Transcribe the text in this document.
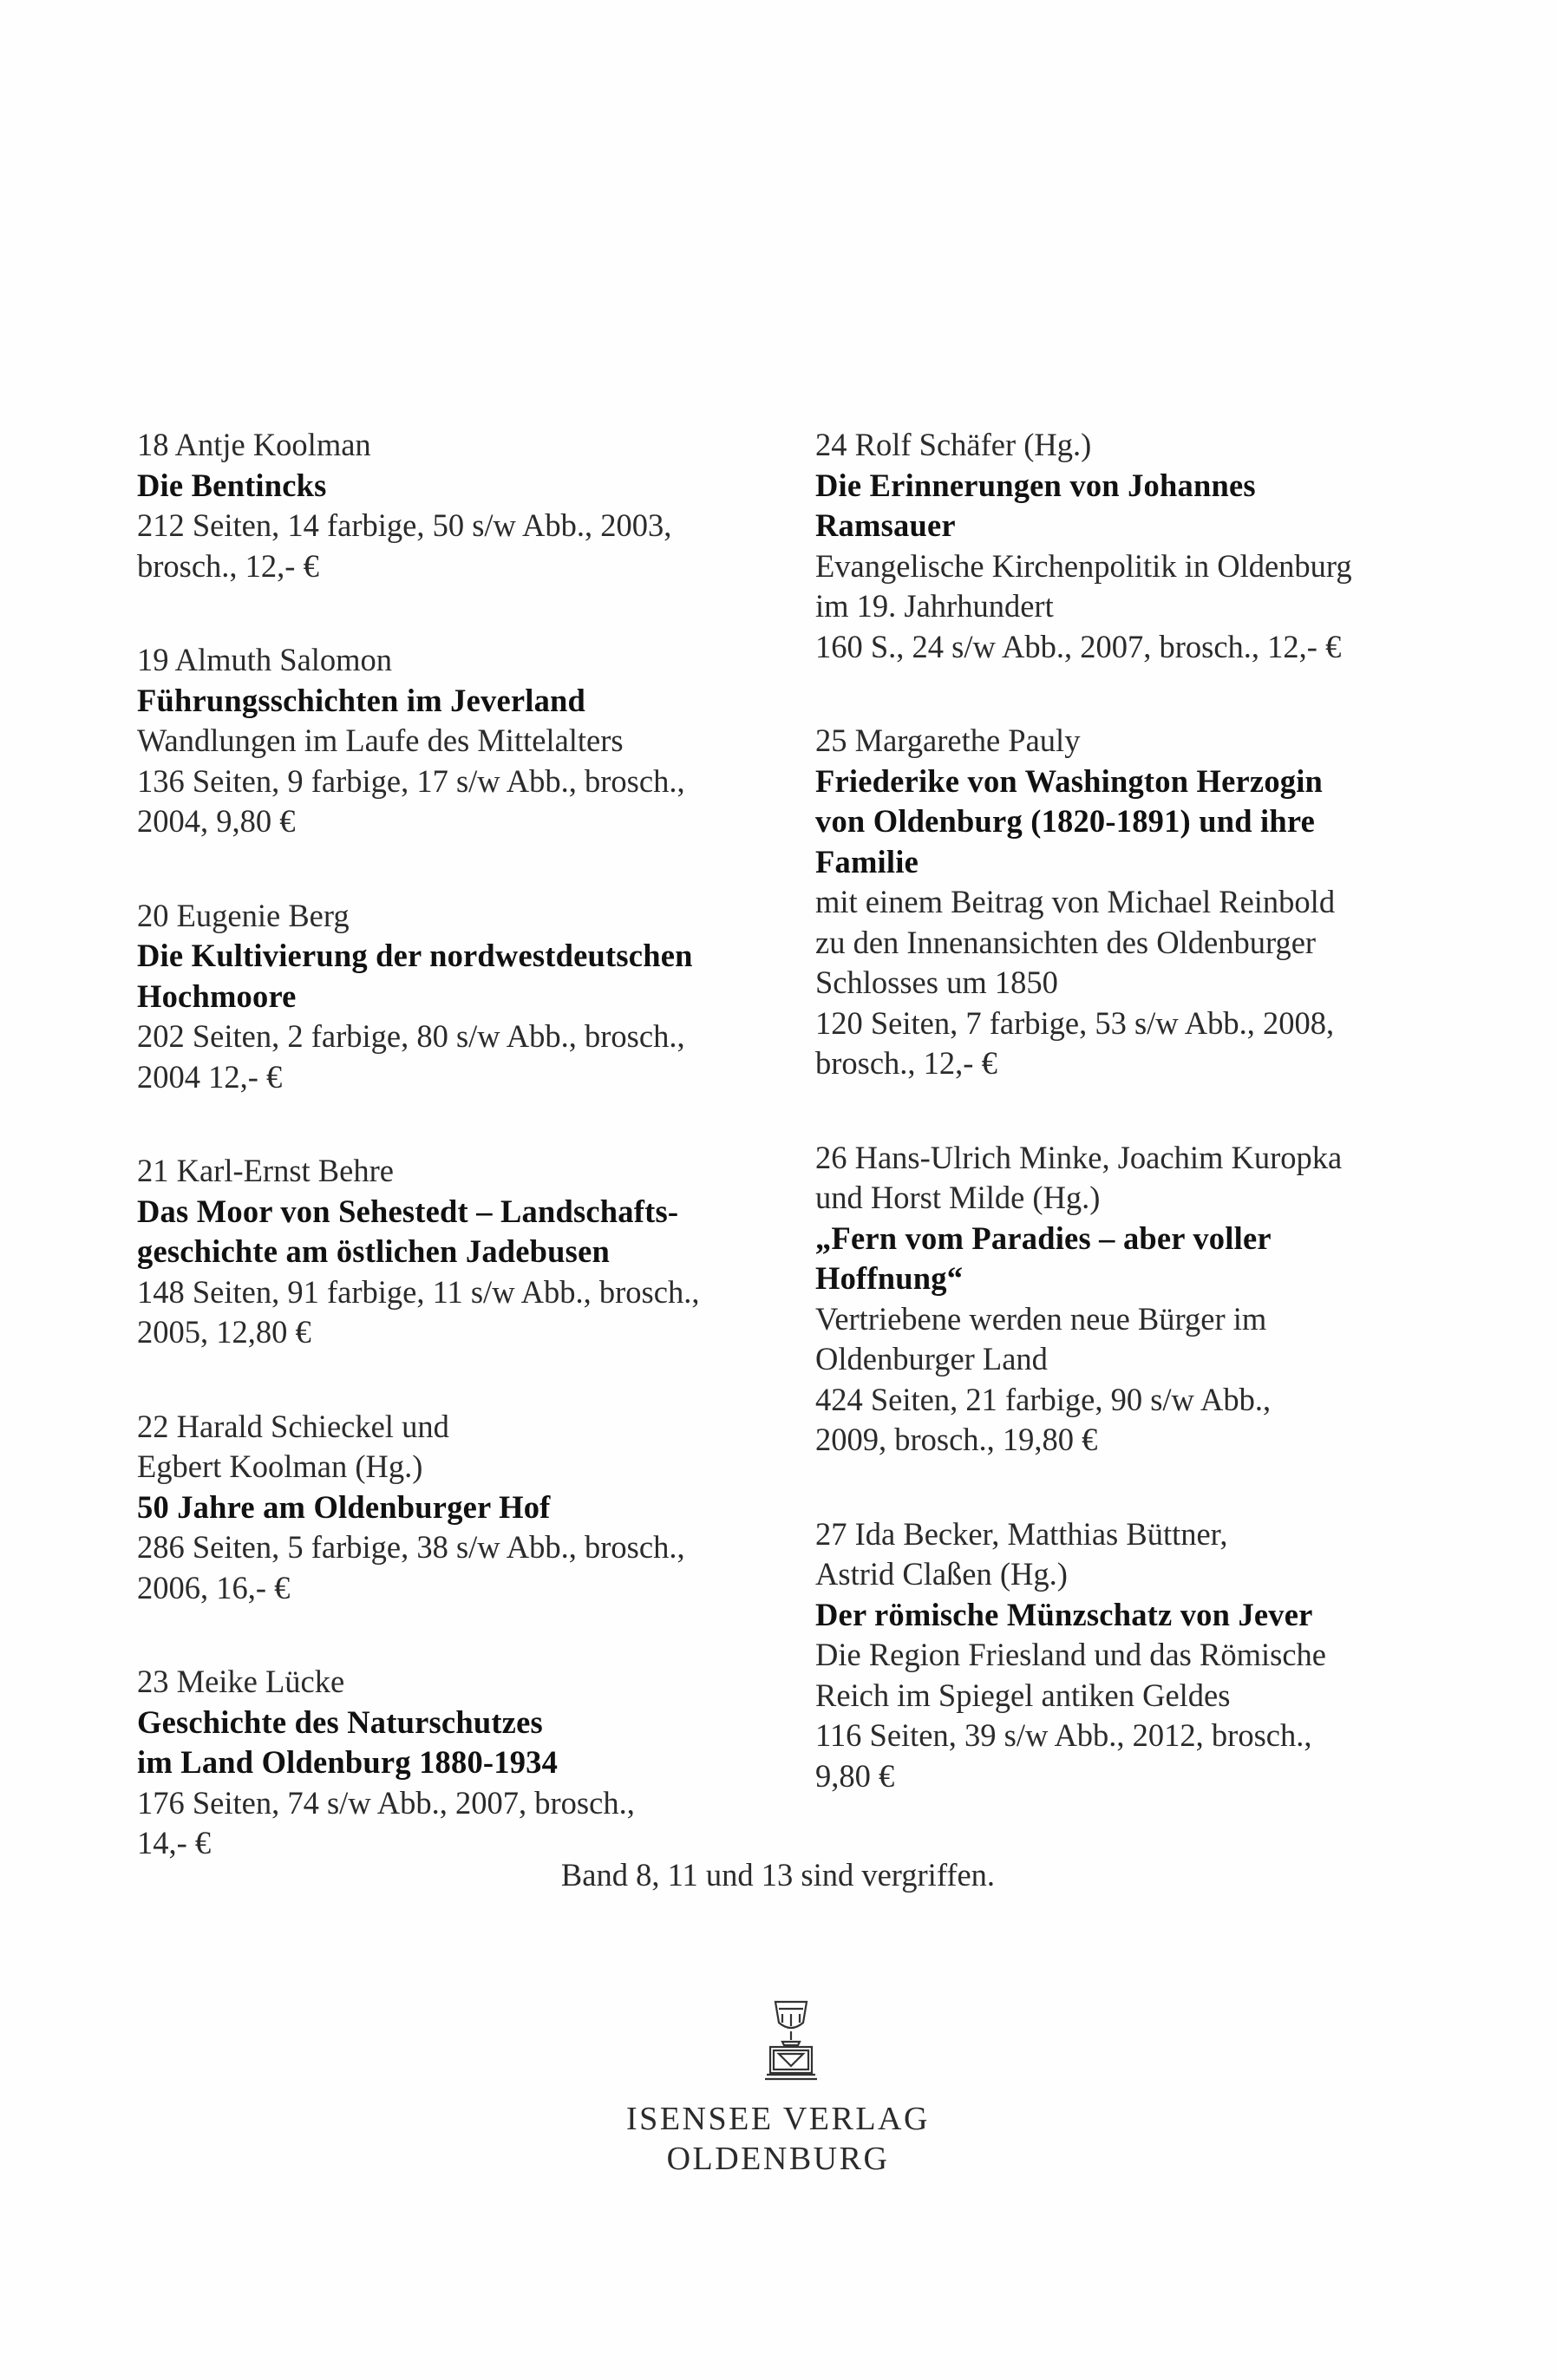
18 Antje Koolman
Die Bentincks
212 Seiten, 14 farbige, 50 s/w Abb., 2003,
brosch., 12,- €
19 Almuth Salomon
Führungsschichten im Jeverland
Wandlungen im Laufe des Mittelalters
136 Seiten, 9 farbige, 17 s/w Abb., brosch.,
2004, 9,80 €
20 Eugenie Berg
Die Kultivierung der nordwestdeutschen
Hochmoore
202 Seiten, 2 farbige, 80 s/w Abb., brosch.,
2004 12,- €
21 Karl-Ernst Behre
Das Moor von Sehestedt – Landschafts-
geschichte am östlichen Jadebusen
148 Seiten, 91 farbige, 11 s/w Abb., brosch.,
2005, 12,80 €
22 Harald Schieckel und
Egbert Koolman (Hg.)
50 Jahre am Oldenburger Hof
286 Seiten, 5 farbige, 38 s/w Abb., brosch.,
2006, 16,- €
23 Meike Lücke
Geschichte des Naturschutzes
im Land Oldenburg 1880-1934
176 Seiten, 74 s/w Abb., 2007, brosch.,
14,- €
24 Rolf Schäfer (Hg.)
Die Erinnerungen von Johannes
Ramsauer
Evangelische Kirchenpolitik in Oldenburg
im 19. Jahrhundert
160 S., 24 s/w Abb., 2007, brosch., 12,- €
25 Margarethe Pauly
Friederike von Washington Herzogin
von Oldenburg (1820-1891) und ihre
Familie
mit einem Beitrag von Michael Reinbold
zu den Innenansichten des Oldenburger
Schlosses um 1850
120 Seiten, 7 farbige, 53 s/w Abb., 2008,
brosch., 12,- €
26 Hans-Ulrich Minke, Joachim Kuropka
und Horst Milde (Hg.)
„Fern vom Paradies – aber voller
Hoffnung“
Vertriebene werden neue Bürger im
Oldenburger Land
424 Seiten, 21 farbige, 90 s/w Abb.,
2009, brosch., 19,80 €
27 Ida Becker, Matthias Büttner,
Astrid Claßen (Hg.)
Der römische Münzschatz von Jever
Die Region Friesland und das Römische
Reich im Spiegel antiken Geldes
116 Seiten, 39 s/w Abb., 2012, brosch.,
9,80 €
Band 8, 11 und 13 sind vergriffen.
ISENSEE VERLAG
OLDENBURG
